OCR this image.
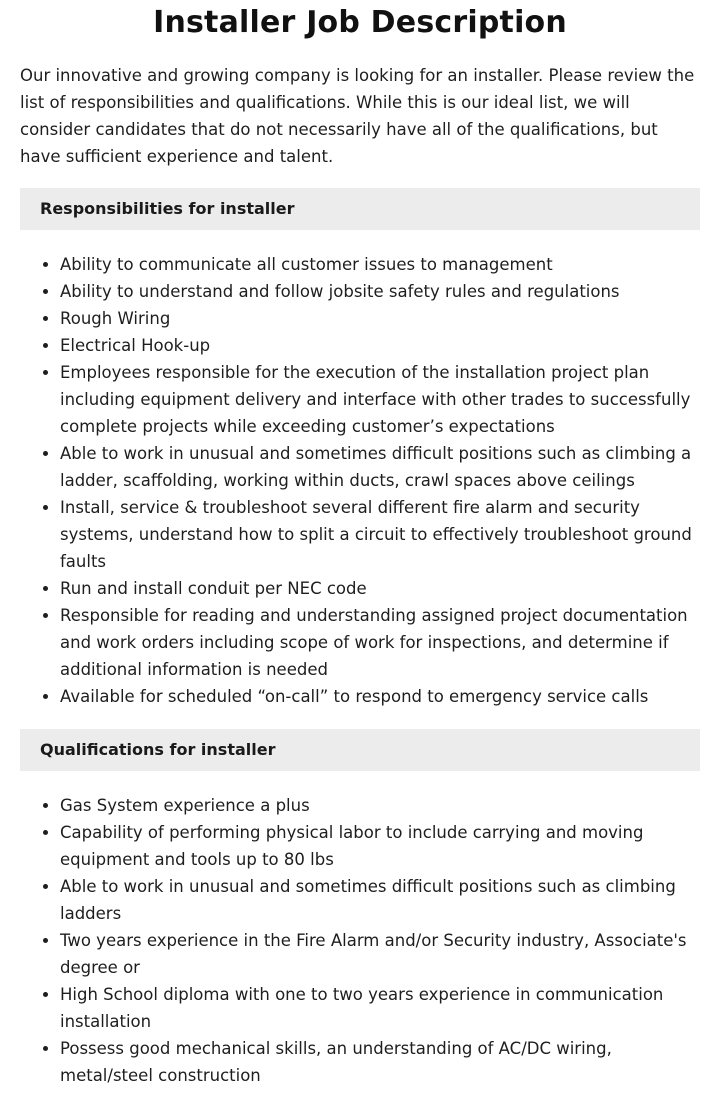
Installer Job Description

Our innovative and growing company is looking for an installer. Please review the list of responsibilities and qualifications. While this is our ideal list, we will consider candidates that do not necessarily have all of the qualifications, but have sufficient experience and talent.

Responsibilities for installer
Ability to communicate all customer issues to management
Ability to understand and follow jobsite safety rules and regulations
Rough Wiring
Electrical Hook-up
Employees responsible for the execution of the installation project plan including equipment delivery and interface with other trades to successfully complete projects while exceeding customer’s expectations
Able to work in unusual and sometimes difficult positions such as climbing a ladder, scaffolding, working within ducts, crawl spaces above ceilings
Install, service & troubleshoot several different fire alarm and security systems, understand how to split a circuit to effectively troubleshoot ground faults
Run and install conduit per NEC code
Responsible for reading and understanding assigned project documentation and work orders including scope of work for inspections, and determine if additional information is needed
Available for scheduled “on-call” to respond to emergency service calls
Qualifications for installer
Gas System experience a plus
Capability of performing physical labor to include carrying and moving equipment and tools up to 80 lbs
Able to work in unusual and sometimes difficult positions such as climbing ladders
Two years experience in the Fire Alarm and/or Security industry, Associate's degree or
High School diploma with one to two years experience in communication installation
Possess good mechanical skills, an understanding of AC/DC wiring, metal/steel construction
